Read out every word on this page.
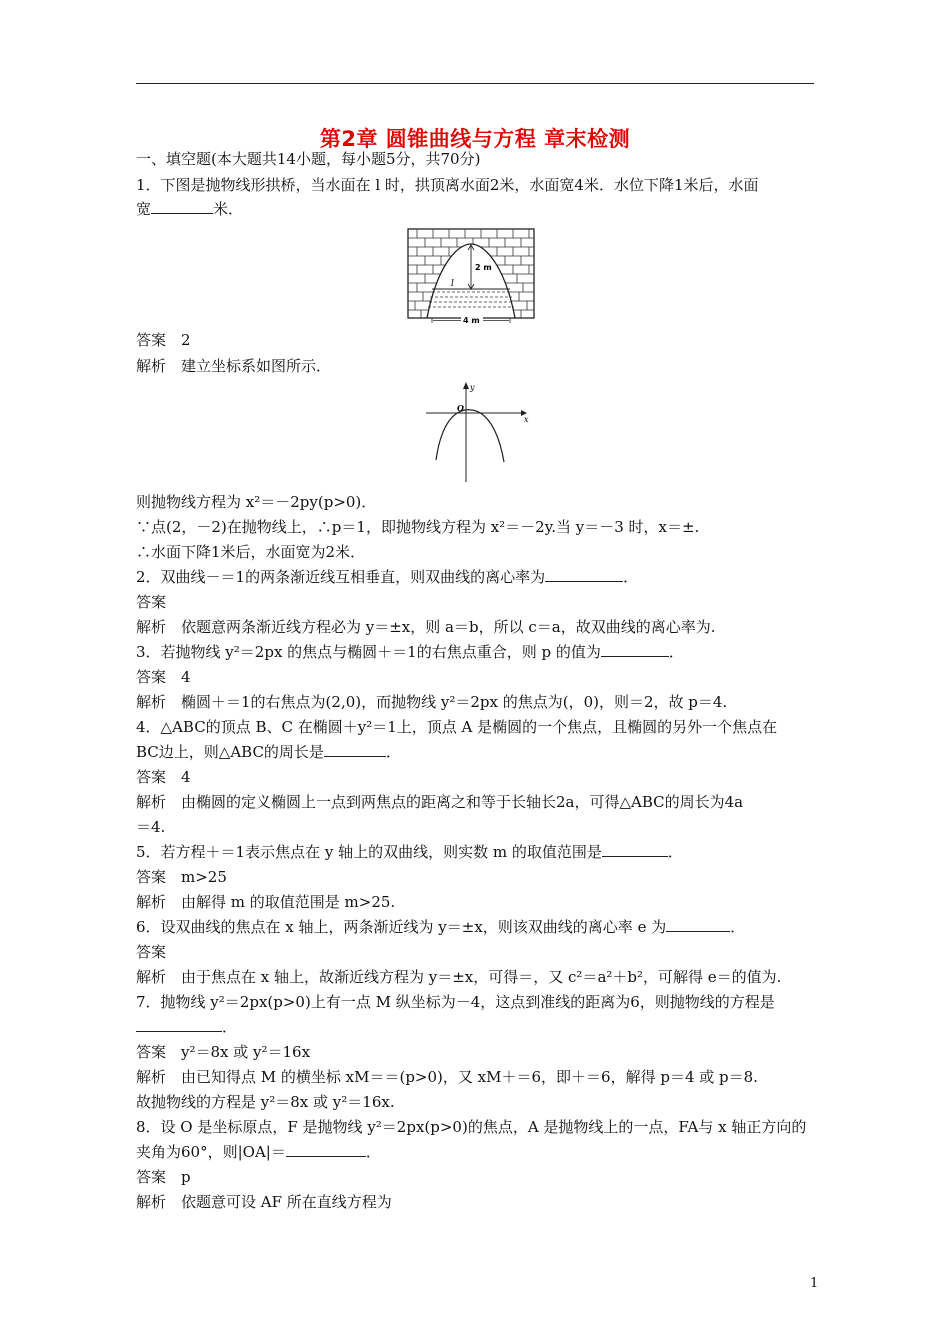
第2章 圆锥曲线与方程 章末检测
一、填空题(本大题共14小题，每小题5分，共70分)
1．下图是抛物线形拱桥，当水面在 l 时，拱顶离水面2米，水面宽4米．水位下降1米后，水面
宽	米．
2 m
l
4 m
答案　2
解析　建立坐标系如图所示．
y
x
O
则抛物线方程为 x²＝－2py(p>0)．
∵点(2，－2)在抛物线上，∴p＝1，即抛物线方程为 x²＝－2y.当 y＝－3 时，x＝±.
∴水面下降1米后，水面宽为2米．
2．双曲线－＝1的两条渐近线互相垂直，则双曲线的离心率为	．
答案
解析　依题意两条渐近线方程必为 y＝±x，则 a＝b，所以 c＝a，故双曲线的离心率为.
3．若抛物线 y²＝2px 的焦点与椭圆＋＝1的右焦点重合，则 p 的值为	．
答案　4
解析　椭圆＋＝1的右焦点为(2,0)，而抛物线 y²＝2px 的焦点为(，0)，则＝2，故 p＝4.
4．△ABC的顶点 B、C 在椭圆＋y²＝1上，顶点 A 是椭圆的一个焦点，且椭圆的另外一个焦点在
BC边上，则△ABC的周长是	．
答案　4
解析　由椭圆的定义椭圆上一点到两焦点的距离之和等于长轴长2a，可得△ABC的周长为4a
＝4.
5．若方程＋＝1表示焦点在 y 轴上的双曲线，则实数 m 的取值范围是	．
答案　m>25
解析　由解得 m 的取值范围是 m>25.
6．设双曲线的焦点在 x 轴上，两条渐近线为 y＝±x，则该双曲线的离心率 e 为	．
答案
解析　由于焦点在 x 轴上，故渐近线方程为 y＝±x，可得＝，又 c²＝a²＋b²，可解得 e＝的值为.
7．抛物线 y²＝2px(p>0)上有一点 M 纵坐标为－4，这点到准线的距离为6，则抛物线的方程是
．
答案　y²＝8x 或 y²＝16x
解析　由已知得点 M 的横坐标 xM＝＝(p>0)，又 xM＋＝6，即＋＝6，解得 p＝4 或 p＝8.
故抛物线的方程是 y²＝8x 或 y²＝16x.
8．设 O 是坐标原点，F 是抛物线 y²＝2px(p>0)的焦点，A 是抛物线上的一点，FA与 x 轴正方向的
夹角为60°，则|OA|＝	．
答案　p
解析　依题意可设 AF 所在直线方程为
1
